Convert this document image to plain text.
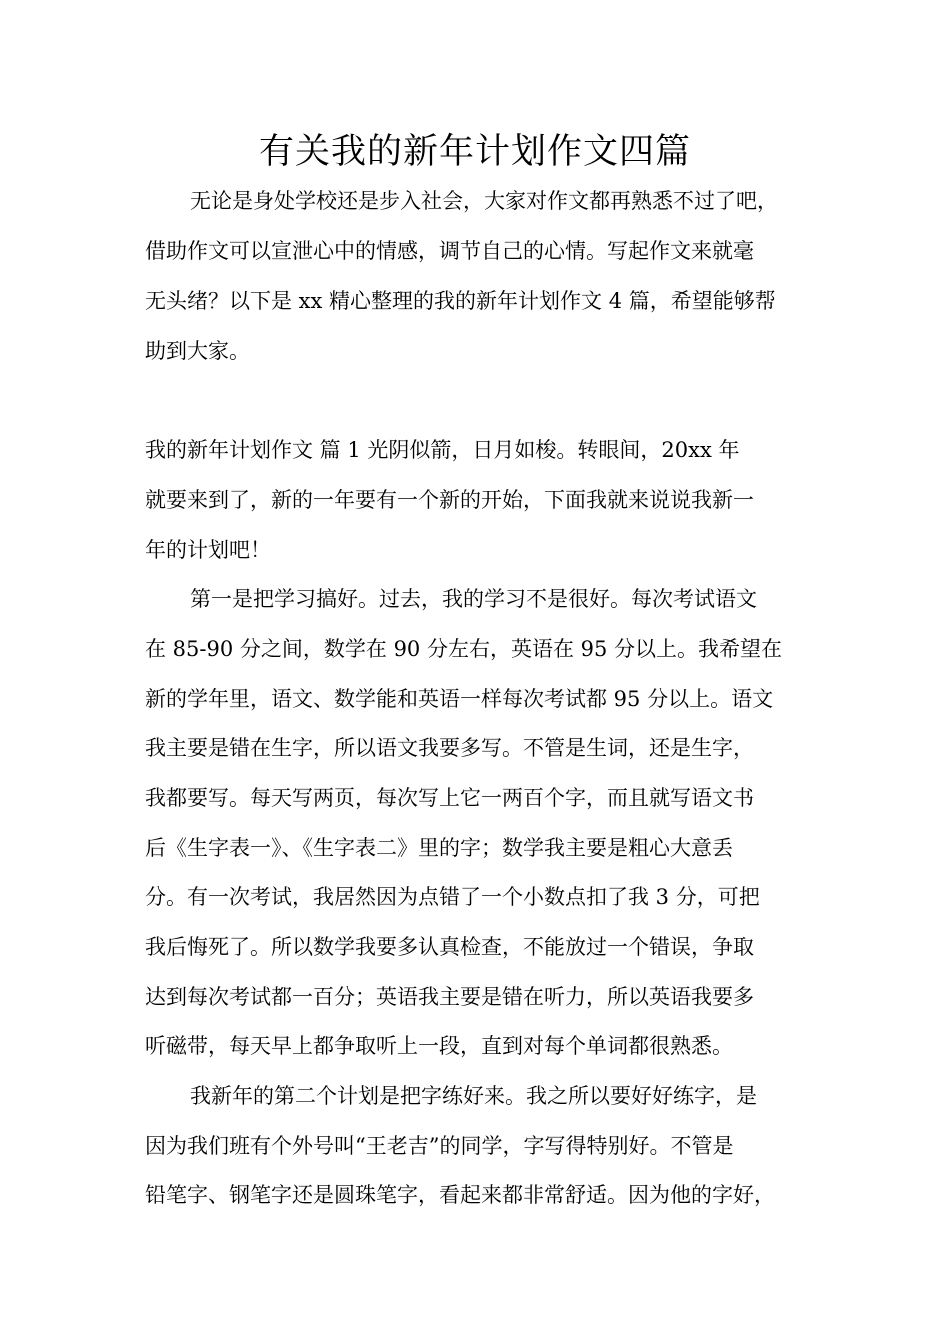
有关我的新年计划作文四篇

无论是身处学校还是步入社会，大家对作文都再熟悉不过了吧，

借助作文可以宣泄心中的情感，调节自己的心情。写起作文来就毫

无头绪？以下是 xx 精心整理的我的新年计划作文 4 篇，希望能够帮

助到大家。

我的新年计划作文 篇 1 光阴似箭，日月如梭。转眼间，20xx 年

就要来到了，新的一年要有一个新的开始，下面我就来说说我新一

年的计划吧！

第一是把学习搞好。过去，我的学习不是很好。每次考试语文

在 85-90 分之间，数学在 90 分左右，英语在 95 分以上。我希望在

新的学年里，语文、数学能和英语一样每次考试都 95 分以上。语文

我主要是错在生字，所以语文我要多写。不管是生词，还是生字，

我都要写。每天写两页，每次写上它一两百个字，而且就写语文书

后《生字表一》、《生字表二》里的字；数学我主要是粗心大意丢

分。有一次考试，我居然因为点错了一个小数点扣了我 3 分，可把

我后悔死了。所以数学我要多认真检查，不能放过一个错误，争取

达到每次考试都一百分；英语我主要是错在听力，所以英语我要多

听磁带，每天早上都争取听上一段，直到对每个单词都很熟悉。

我新年的第二个计划是把字练好来。我之所以要好好练字，是

因为我们班有个外号叫“王老吉”的同学，字写得特别好。不管是

铅笔字、钢笔字还是圆珠笔字，看起来都非常舒适。因为他的字好，
